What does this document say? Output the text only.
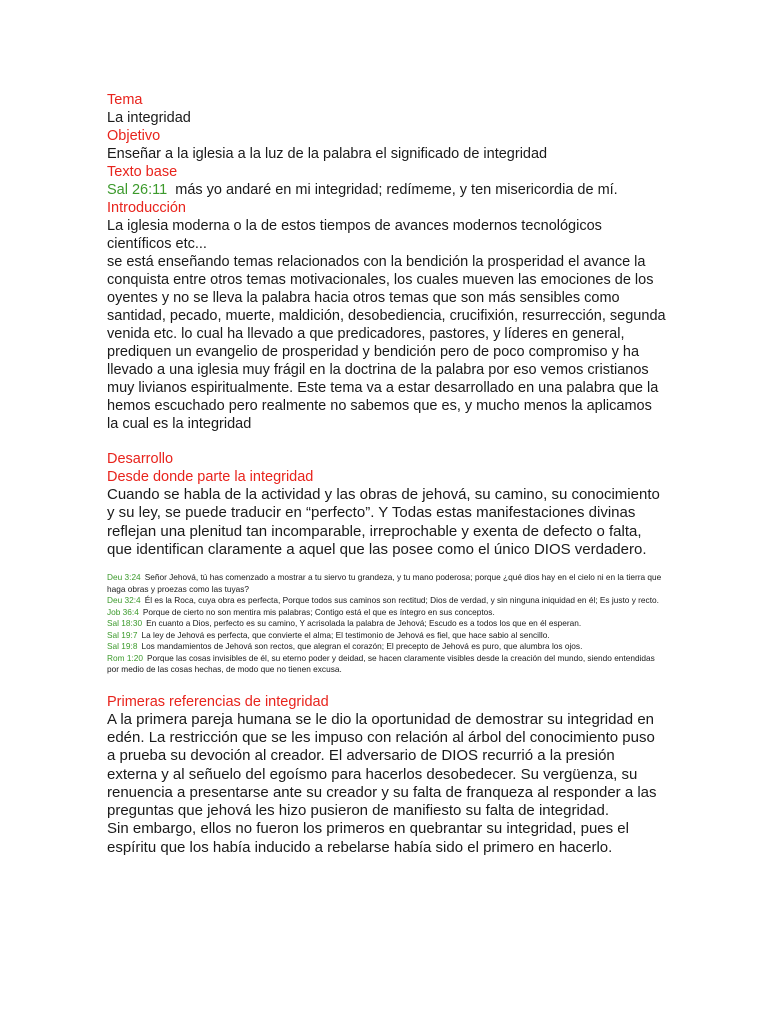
Tema

La integridad

Objetivo

Enseñar a la iglesia a la luz de la palabra el significado de integridad

Texto base

Sal 26:11 más yo andaré en mi integridad; redímeme, y ten misericordia de mí.

Introducción

La iglesia moderna o la de estos tiempos de avances modernos tecnológicos científicos etc...

se está enseñando temas relacionados con la bendición la prosperidad el avance la conquista entre otros temas motivacionales, los cuales mueven las emociones de los oyentes y no se lleva la palabra hacia otros temas que son más sensibles como santidad, pecado, muerte, maldición, desobediencia, crucifixión, resurrección, segunda venida etc. lo cual ha llevado a que predicadores, pastores, y líderes en general, prediquen un evangelio de prosperidad y bendición pero de poco compromiso y ha llevado a una iglesia muy frágil en la doctrina de la palabra por eso vemos cristianos muy livianos espiritualmente. Este tema va a estar desarrollado en una palabra que la hemos escuchado pero realmente no sabemos que es, y mucho menos la aplicamos la cual es la integridad

Desarrollo

Desde donde parte la integridad

Cuando se habla de la actividad y las obras de jehová, su camino, su conocimiento y su ley, se puede traducir en “perfecto”. Y Todas estas manifestaciones divinas reflejan una plenitud tan incomparable, irreprochable y exenta de defecto o falta, que identifican claramente a aquel que las posee como el único DIOS verdadero.

Deu 3:24 Señor Jehová, tú has comenzado a mostrar a tu siervo tu grandeza, y tu mano poderosa; porque ¿qué dios hay en el cielo ni en la tierra que haga obras y proezas como las tuyas?

Deu 32:4 Él es la Roca, cuya obra es perfecta, Porque todos sus caminos son rectitud; Dios de verdad, y sin ninguna iniquidad en él; Es justo y recto.

Job 36:4 Porque de cierto no son mentira mis palabras; Contigo está el que es íntegro en sus conceptos.

Sal 18:30 En cuanto a Dios, perfecto es su camino, Y acrisolada la palabra de Jehová; Escudo es a todos los que en él esperan.

Sal 19:7 La ley de Jehová es perfecta, que convierte el alma; El testimonio de Jehová es fiel, que hace sabio al sencillo.

Sal 19:8 Los mandamientos de Jehová son rectos, que alegran el corazón; El precepto de Jehová es puro, que alumbra los ojos.

Rom 1:20 Porque las cosas invisibles de él, su eterno poder y deidad, se hacen claramente visibles desde la creación del mundo, siendo entendidas por medio de las cosas hechas, de modo que no tienen excusa.

Primeras referencias de integridad

A la primera pareja humana se le dio la oportunidad de demostrar su integridad en edén. La restricción que se les impuso con relación al árbol del conocimiento puso a prueba su devoción al creador. El adversario de DIOS recurrió a la presión externa y al señuelo del egoísmo para hacerlos desobedecer. Su vergüenza, su renuencia a presentarse ante su creador y su falta de franqueza al responder a las preguntas que jehová les hizo pusieron de manifiesto su falta de integridad.

Sin embargo, ellos no fueron los primeros en quebrantar su integridad, pues el espíritu que los había inducido a rebelarse había sido el primero en hacerlo.
